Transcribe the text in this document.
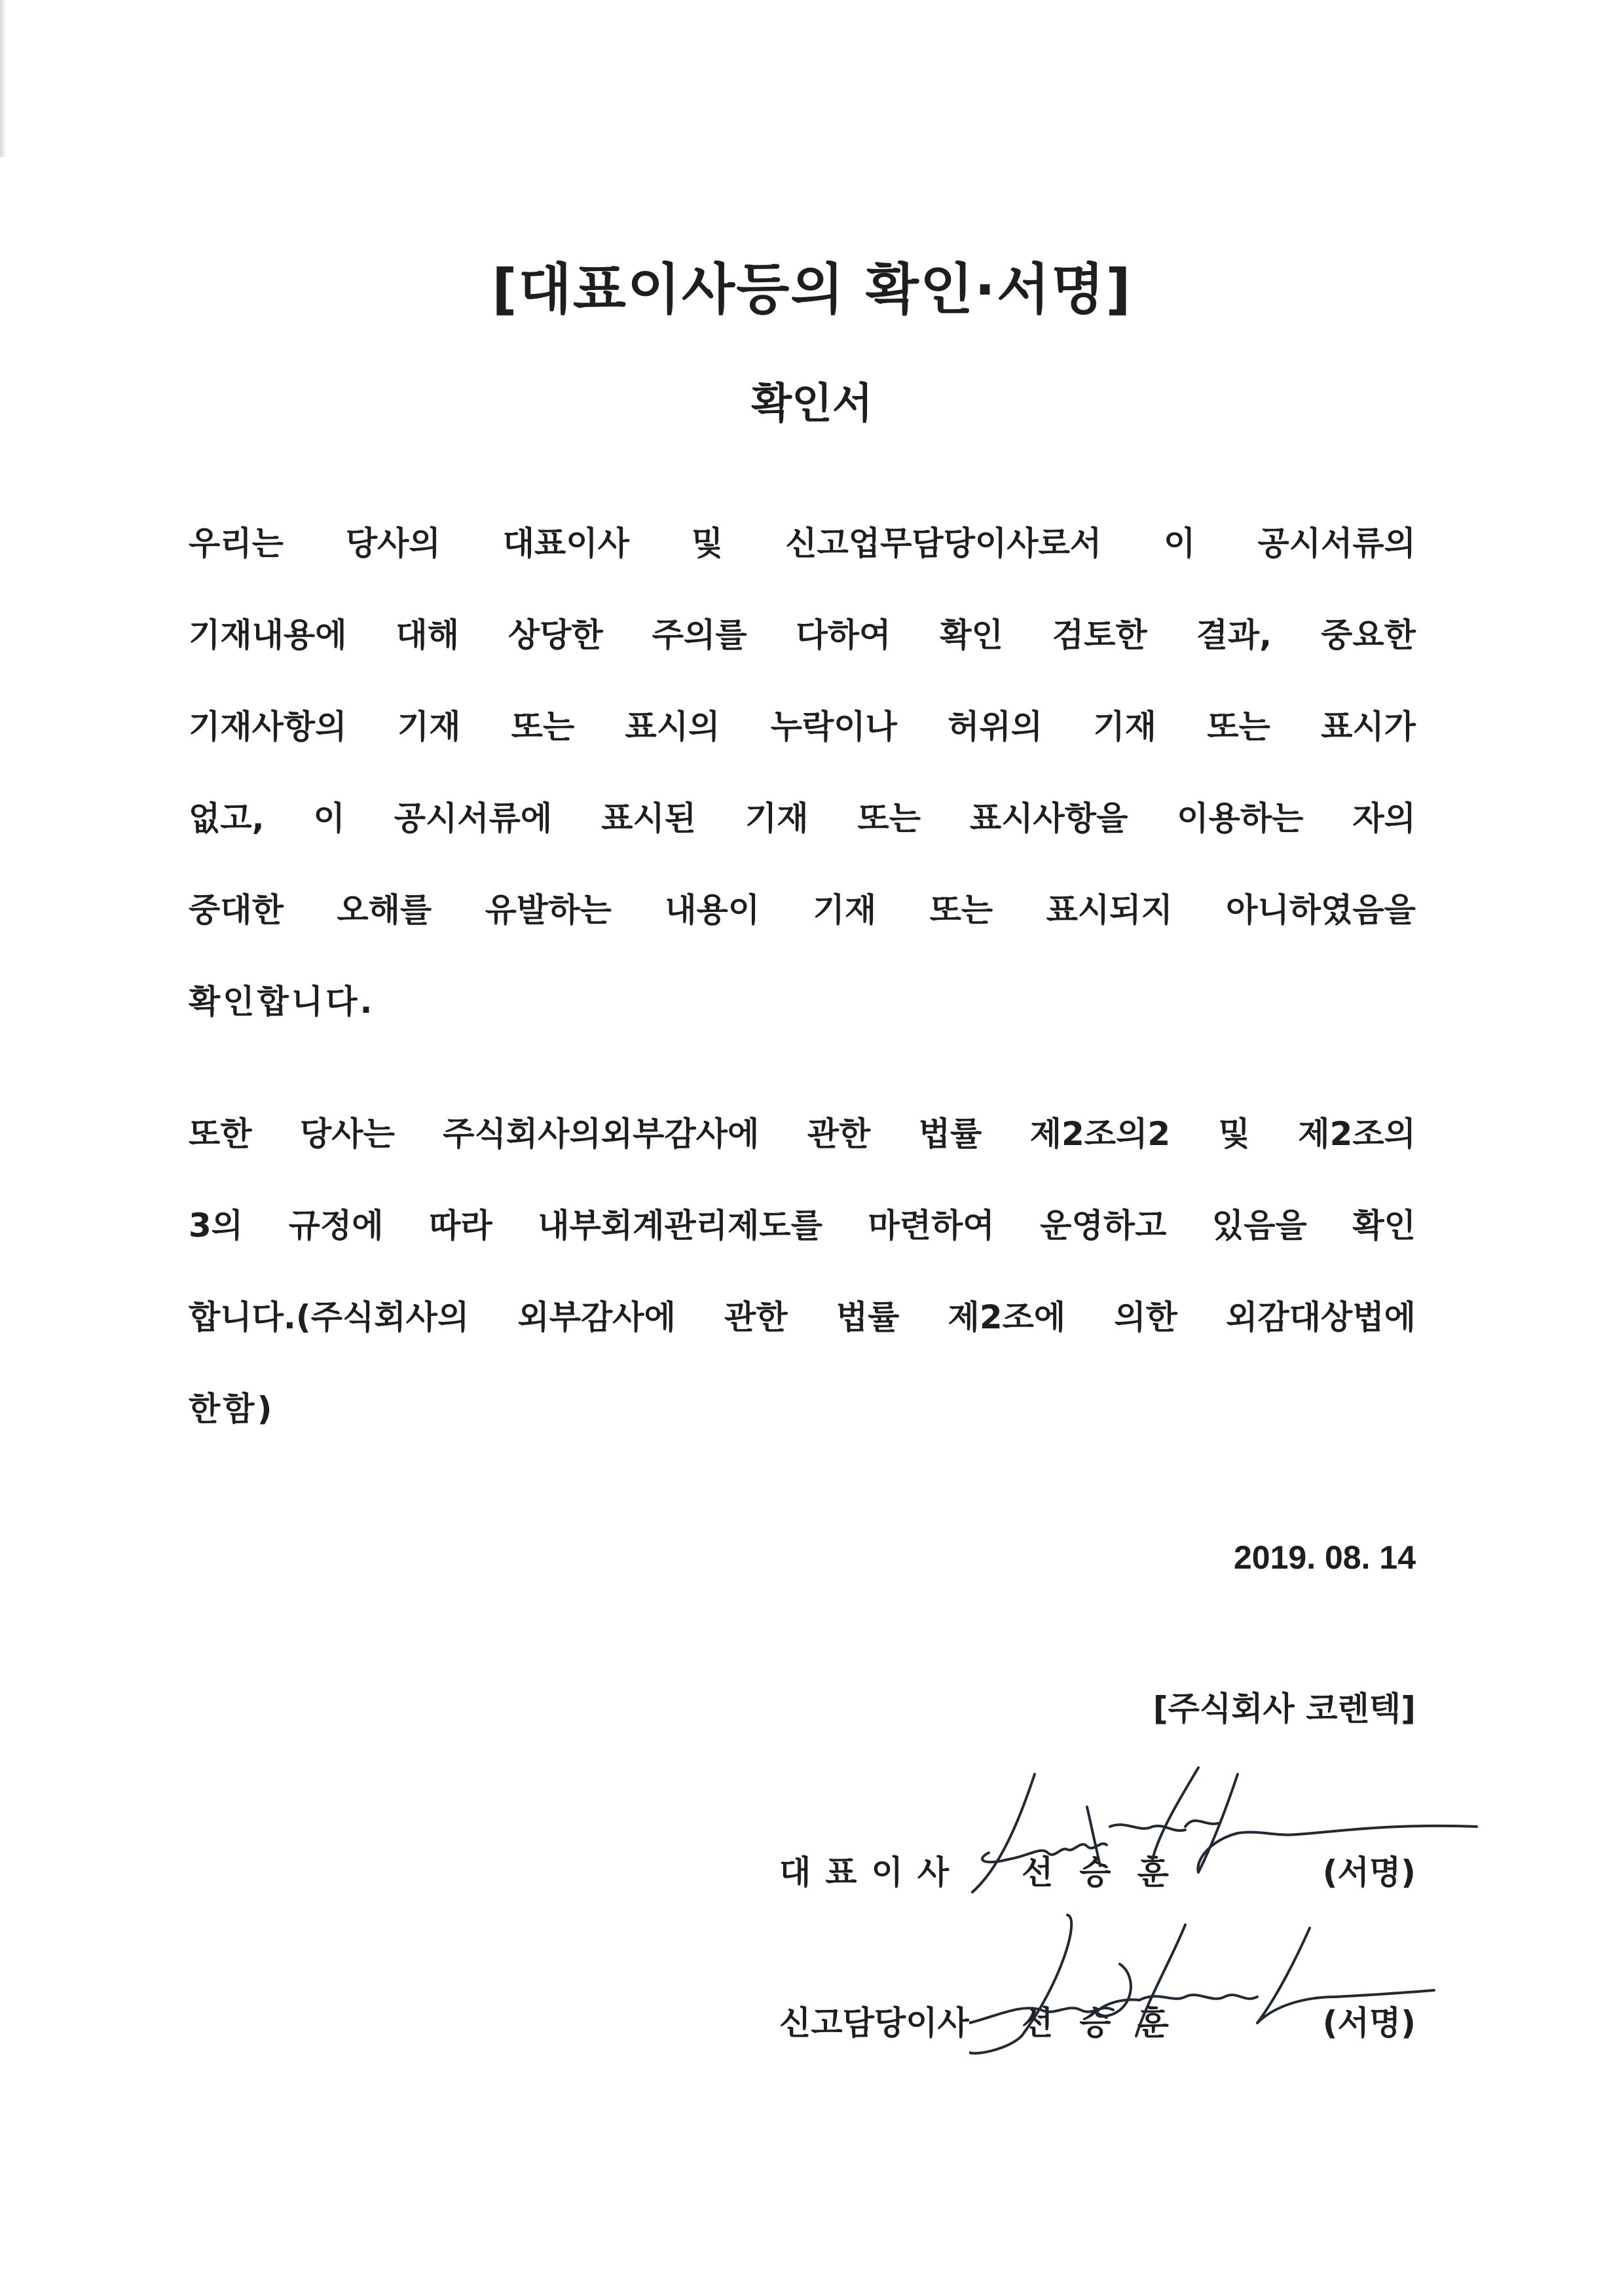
[대표이사등의 확인·서명]
확인서
우리는 당사의 대표이사 및 신고업무담당이사로서 이 공시서류의
기재내용에 대해 상당한 주의를 다하여 확인 검토한 결과, 중요한
기재사항의 기재 또는 표시의 누락이나 허위의 기재 또는 표시가
없고, 이 공시서류에 표시된 기재 또는 표시사항을 이용하는 자의
중대한 오해를 유발하는 내용이 기재 또는 표시되지 아니하였음을
확인합니다.
또한 당사는 주식회사의외부감사에 관한 법률 제2조의2 및 제2조의
3의 규정에 따라 내부회계관리제도를 마련하여 운영하고 있음을 확인
합니다.(주식회사의 외부감사에 관한 법률 제2조에 의한 외감대상법에
한함)
2019. 08. 14
[주식회사 코렌텍]
대표이사 선승훈	(서명)
신고담당이사 선승훈	(서명)
